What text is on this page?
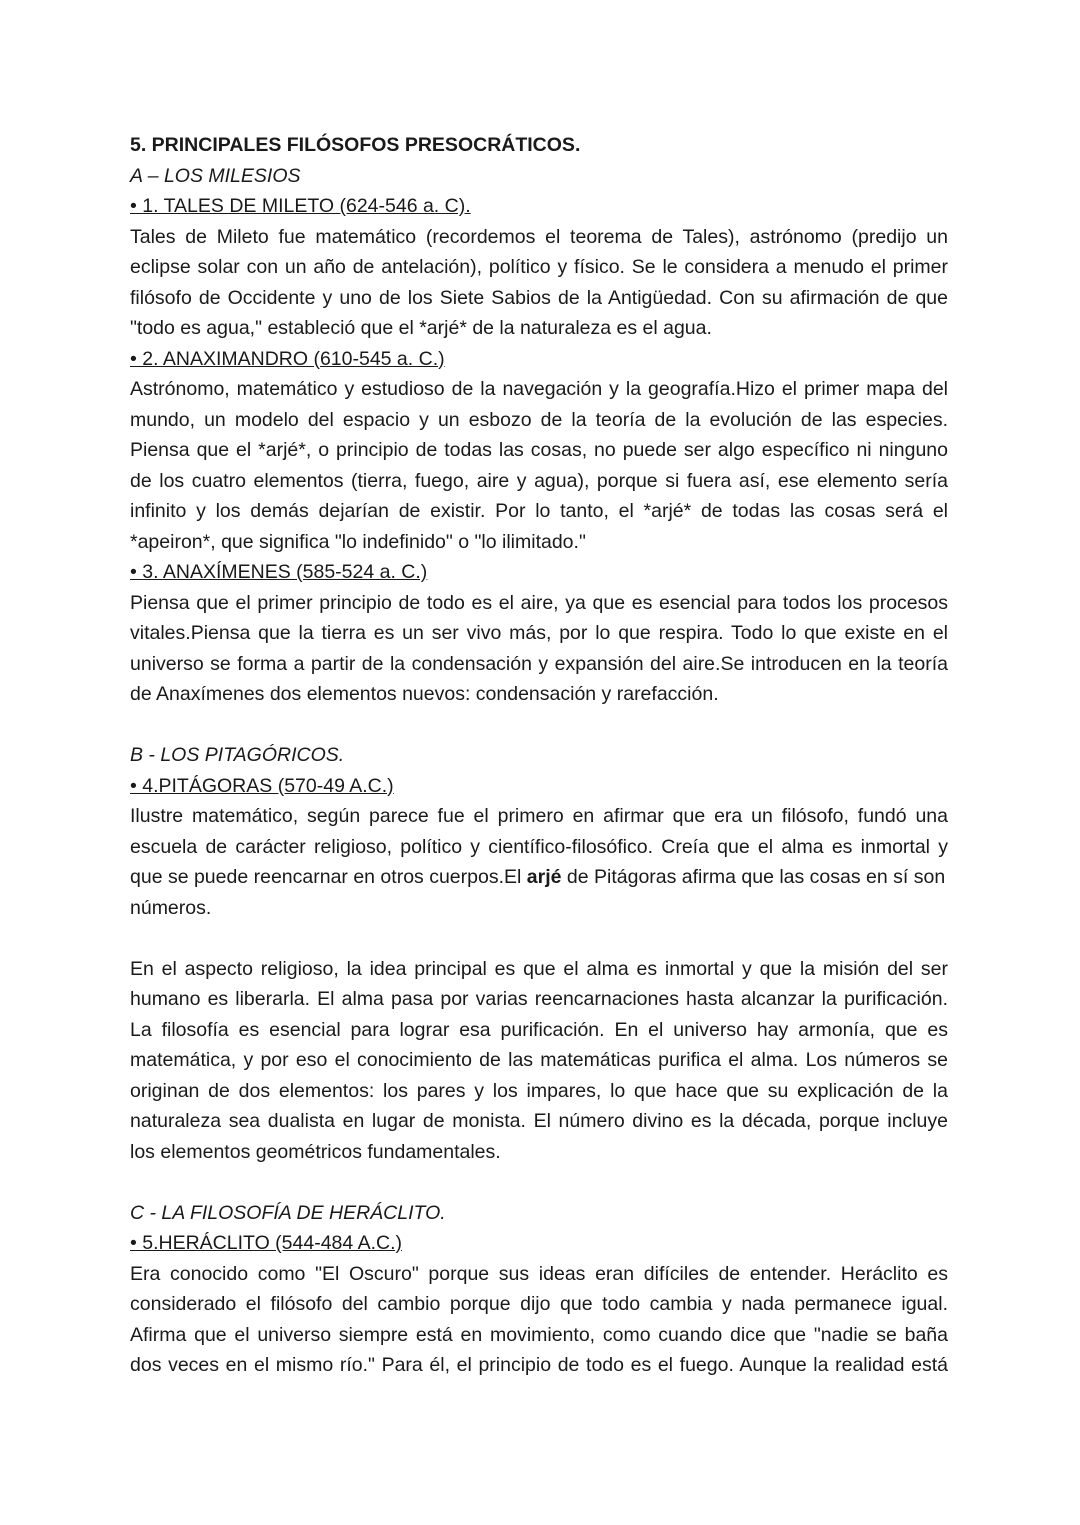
5. PRINCIPALES FILÓSOFOS PRESOCRÁTICOS.
A – LOS MILESIOS
• 1. TALES DE MILETO (624-546 a. C).
Tales de Mileto fue matemático (recordemos el teorema de Tales), astrónomo (predijo un
eclipse solar con un año de antelación), político y físico. Se le considera a menudo el primer
filósofo de Occidente y uno de los Siete Sabios de la Antigüedad. Con su afirmación de que
"todo es agua," estableció que el *arjé* de la naturaleza es el agua.
• 2. ANAXIMANDRO (610-545 a. C.)
Astrónomo, matemático y estudioso de la navegación y la geografía.Hizo el primer mapa del
mundo, un modelo del espacio y un esbozo de la teoría de la evolución de las especies.
Piensa que el *arjé*, o principio de todas las cosas, no puede ser algo específico ni ninguno
de los cuatro elementos (tierra, fuego, aire y agua), porque si fuera así, ese elemento sería
infinito y los demás dejarían de existir. Por lo tanto, el *arjé* de todas las cosas será el
*apeiron*, que significa "lo indefinido" o "lo ilimitado."
• 3. ANAXÍMENES (585-524 a. C.)
Piensa que el primer principio de todo es el aire, ya que es esencial para todos los procesos
vitales.Piensa que la tierra es un ser vivo más, por lo que respira. Todo lo que existe en el
universo se forma a partir de la condensación y expansión del aire.Se introducen en la teoría
de Anaxímenes dos elementos nuevos: condensación y rarefacción.
B - LOS PITAGÓRICOS.
• 4.PITÁGORAS (570-49 A.C.)
Ilustre matemático, según parece fue el primero en afirmar que era un filósofo, fundó una
escuela de carácter religioso, político y científico-filosófico. Creía que el alma es inmortal y
que se puede reencarnar en otros cuerpos.El arjé de Pitágoras afirma que las cosas en sí son
números.
En el aspecto religioso, la idea principal es que el alma es inmortal y que la misión del ser
humano es liberarla. El alma pasa por varias reencarnaciones hasta alcanzar la purificación.
La filosofía es esencial para lograr esa purificación. En el universo hay armonía, que es
matemática, y por eso el conocimiento de las matemáticas purifica el alma. Los números se
originan de dos elementos: los pares y los impares, lo que hace que su explicación de la
naturaleza sea dualista en lugar de monista. El número divino es la década, porque incluye
los elementos geométricos fundamentales.
C - LA FILOSOFÍA DE HERÁCLITO.
• 5.HERÁCLITO (544-484 A.C.)
Era conocido como "El Oscuro" porque sus ideas eran difíciles de entender. Heráclito es
considerado el filósofo del cambio porque dijo que todo cambia y nada permanece igual.
Afirma que el universo siempre está en movimiento, como cuando dice que "nadie se baña
dos veces en el mismo río." Para él, el principio de todo es el fuego. Aunque la realidad está
